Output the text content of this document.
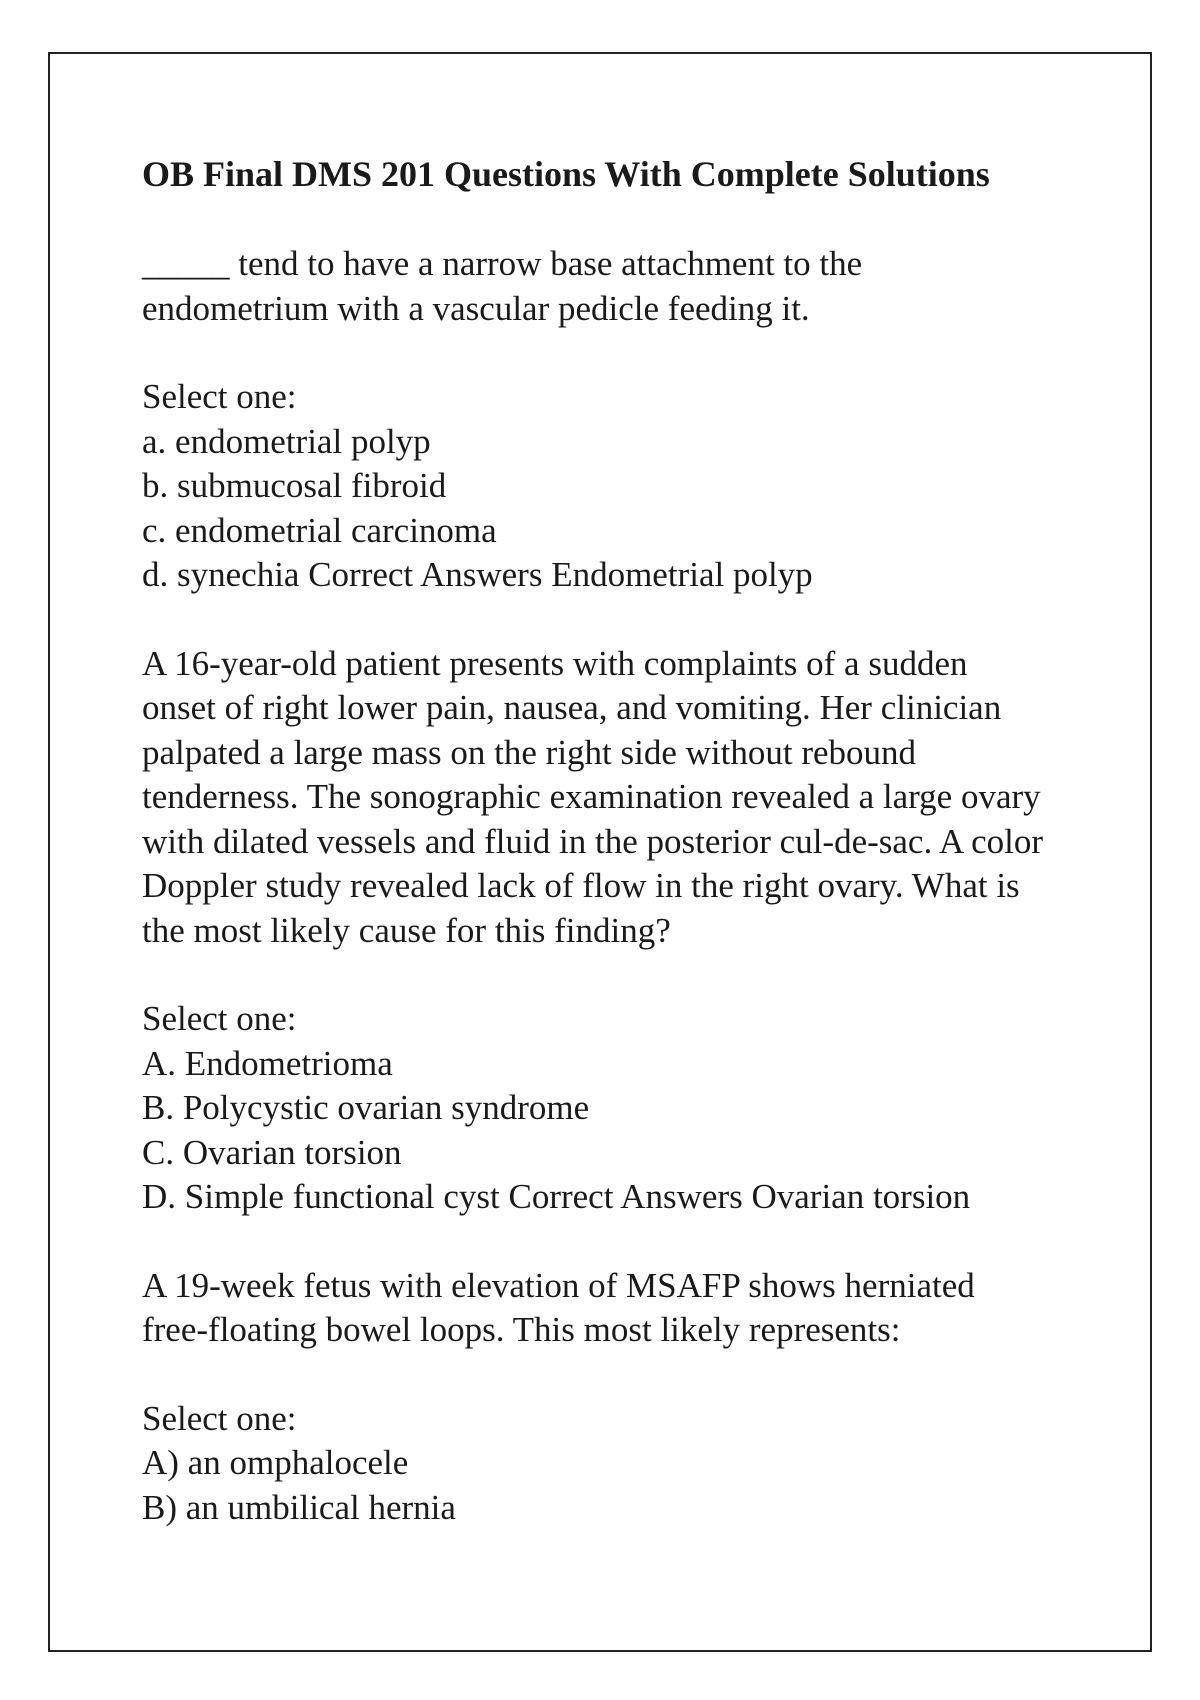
OB Final DMS 201 Questions With Complete Solutions

_____ tend to have a narrow base attachment to the
endometrium with a vascular pedicle feeding it.

Select one:
a. endometrial polyp
b. submucosal fibroid
c. endometrial carcinoma
d. synechia Correct Answers Endometrial polyp

A 16-year-old patient presents with complaints of a sudden
onset of right lower pain, nausea, and vomiting. Her clinician
palpated a large mass on the right side without rebound
tenderness. The sonographic examination revealed a large ovary
with dilated vessels and fluid in the posterior cul-de-sac. A color
Doppler study revealed lack of flow in the right ovary. What is
the most likely cause for this finding?

Select one:
A. Endometrioma
B. Polycystic ovarian syndrome
C. Ovarian torsion
D. Simple functional cyst Correct Answers Ovarian torsion

A 19-week fetus with elevation of MSAFP shows herniated
free-floating bowel loops. This most likely represents:

Select one:
A) an omphalocele
B) an umbilical hernia
